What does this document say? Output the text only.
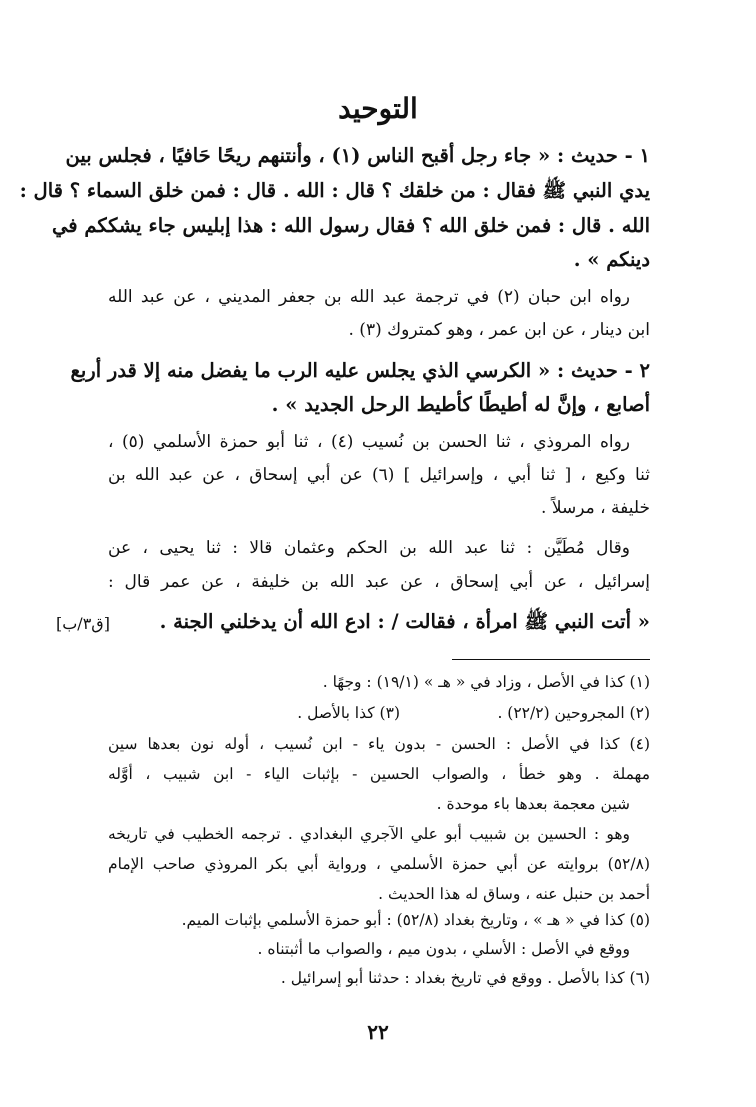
التوحيد
١ - حديث : « جاء رجل أقبح الناس (١) ، وأنتنهم ريحًا حَافيًا ، فجلس بين
يدي النبي ﷺ فقال : من خلقك ؟ قال : الله . قال : فمن خلق السماء ؟ قال :
الله . قال : فمن خلق الله ؟ فقال رسول الله : هذا إبليس جاء يشككم في
دينكم » .
رواه ابن حبان (٢) في ترجمة عبد الله بن جعفر المديني ، عن عبد الله
ابن دينار ، عن ابن عمر ، وهو كمتروك (٣) .
٢ - حديث : « الكرسي الذي يجلس عليه الرب ما يفضل منه إلا قدر أربع
أصابع ، وإنَّ له أطيطًا كأطيط الرحل الجديد » .
رواه المروذي ، ثنا الحسن بن نُسيب (٤) ، ثنا أبو حمزة الأسلمي (٥) ،
ثنا وكيع ، [ ثنا أبي ، وإسرائيل ] (٦) عن أبي إسحاق ، عن عبد الله بن
خليفة ، مرسلاً .
وقال مُطَيَّن : ثنا عبد الله بن الحكم وعثمان قالا : ثنا يحيى ، عن
إسرائيل ، عن أبي إسحاق ، عن عبد الله بن خليفة ، عن عمر قال :
« أتت النبي ﷺ امرأة ، فقالت / : ادع الله أن يدخلني الجنة .
[ق٣/ب]
(١) كذا في الأصل ، وزاد في « هـ » (١٩/١) : وجهًا .
(٢) المجروحين (٢٢/٢) .
(٣) كذا بالأصل .
(٤) كذا في الأصل : الحسن - بدون ياء - ابن نُسيب ، أوله نون بعدها سين
مهملة . وهو خطأ ، والصواب الحسين - بإثبات الياء - ابن شبيب ، أوَّله
شين معجمة بعدها باء موحدة .
وهو : الحسين بن شبيب أبو علي الآجري البغدادي . ترجمه الخطيب في تاريخه
(٥٢/٨) بروايته عن أبي حمزة الأسلمي ، ورواية أبي بكر المروذي صاحب الإمام
أحمد بن حنبل عنه ، وساق له هذا الحديث .
(٥) كذا في « هـ » ، وتاريخ بغداد (٥٢/٨) : أبو حمزة الأسلمي بإثبات الميم.
ووقع في الأصل : الأسلي ، بدون ميم ، والصواب ما أثبتناه .
(٦) كذا بالأصل . ووقع في تاريخ بغداد : حدثنا أبو إسرائيل .
٢٢
